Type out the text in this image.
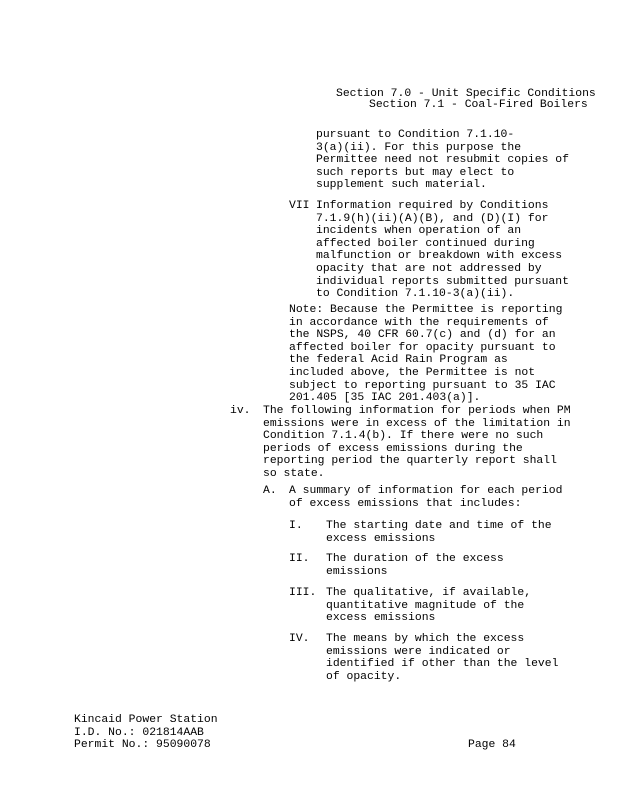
Section 7.0 - Unit Specific Conditions
Section 7.1 - Coal-Fired Boilers
pursuant to Condition 7.1.10-
3(a)(ii). For this purpose the
Permittee need not resubmit copies of
such reports but may elect to
supplement such material.
VII Information required by Conditions
7.1.9(h)(ii)(A)(B), and (D)(I) for
incidents when operation of an
affected boiler continued during
malfunction or breakdown with excess
opacity that are not addressed by
individual reports submitted pursuant
to Condition 7.1.10-3(a)(ii).
Note: Because the Permittee is reporting
in accordance with the requirements of
the NSPS, 40 CFR 60.7(c) and (d) for an
affected boiler for opacity pursuant to
the federal Acid Rain Program as
included above, the Permittee is not
subject to reporting pursuant to 35 IAC
201.405 [35 IAC 201.403(a)].
iv. The following information for periods when PM
emissions were in excess of the limitation in
Condition 7.1.4(b). If there were no such
periods of excess emissions during the
reporting period the quarterly report shall
so state.
A. A summary of information for each period
of excess emissions that includes:
I. The starting date and time of the
excess emissions
II. The duration of the excess
emissions
III. The qualitative, if available,
quantitative magnitude of the
excess emissions
IV. The means by which the excess
emissions were indicated or
identified if other than the level
of opacity.
Kincaid Power Station
I.D. No.: 021814AAB
Permit No.: 95090078	Page 84
